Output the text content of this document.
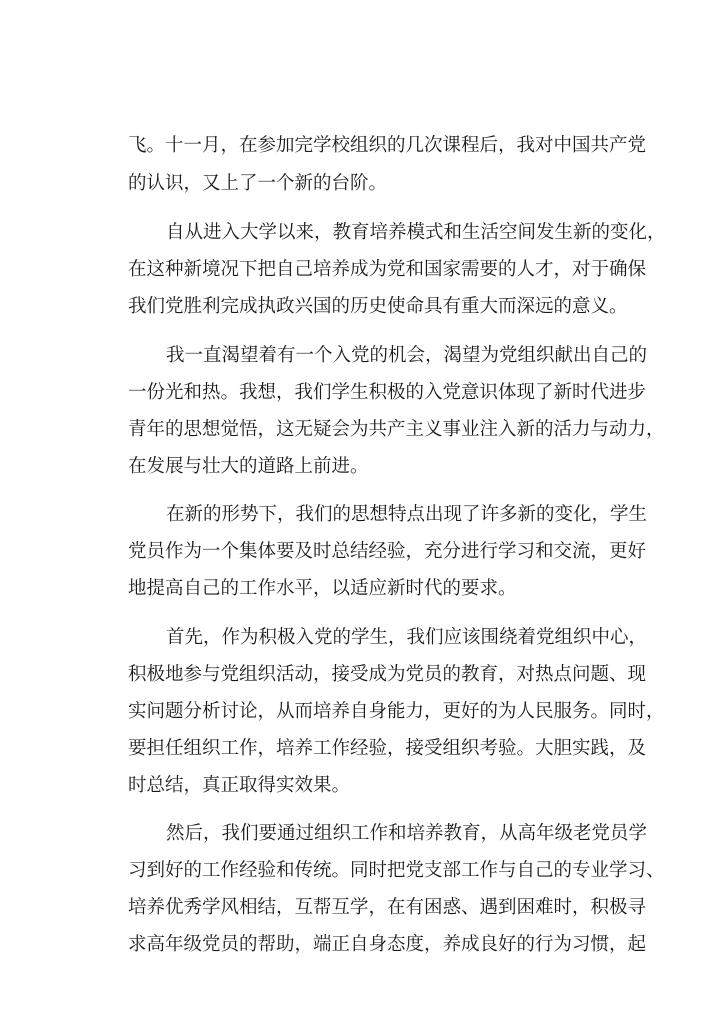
飞。十一月，在参加完学校组织的几次课程后，我对中国共产党
的认识，又上了一个新的台阶。
自从进入大学以来，教育培养模式和生活空间发生新的变化，
在这种新境况下把自己培养成为党和国家需要的人才，对于确保
我们党胜利完成执政兴国的历史使命具有重大而深远的意义。
我一直渴望着有一个入党的机会，渴望为党组织献出自己的
一份光和热。我想，我们学生积极的入党意识体现了新时代进步
青年的思想觉悟，这无疑会为共产主义事业注入新的活力与动力，
在发展与壮大的道路上前进。
在新的形势下，我们的思想特点出现了许多新的变化，学生
党员作为一个集体要及时总结经验，充分进行学习和交流，更好
地提高自己的工作水平，以适应新时代的要求。
首先，作为积极入党的学生，我们应该围绕着党组织中心，
积极地参与党组织活动，接受成为党员的教育，对热点问题、现
实问题分析讨论，从而培养自身能力，更好的为人民服务。同时，
要担任组织工作，培养工作经验，接受组织考验。大胆实践，及
时总结，真正取得实效果。
然后，我们要通过组织工作和培养教育，从高年级老党员学
习到好的工作经验和传统。同时把党支部工作与自己的专业学习、
培养优秀学风相结，互帮互学，在有困惑、遇到困难时，积极寻
求高年级党员的帮助，端正自身态度，养成良好的行为习惯，起
